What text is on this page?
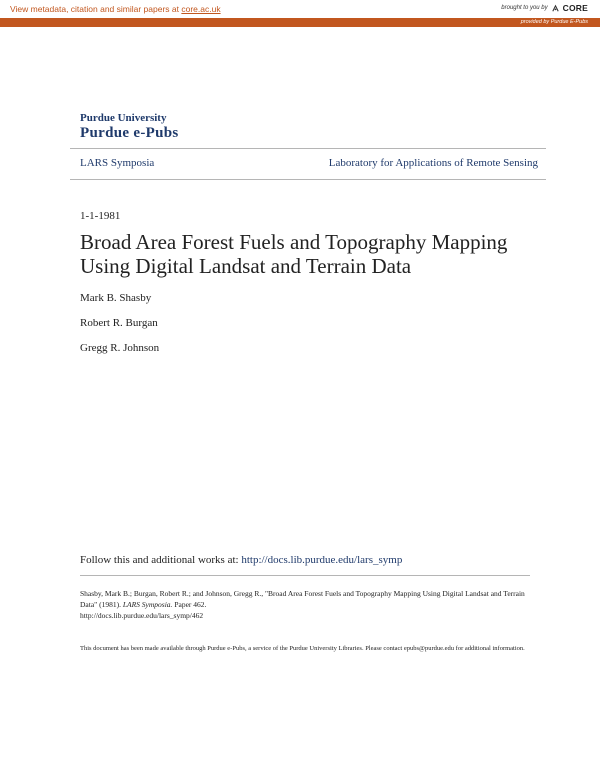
View metadata, citation and similar papers at core.ac.uk	brought to you by CORE
provided by Purdue E-Pubs
Purdue University
Purdue e-Pubs
LARS Symposia	Laboratory for Applications of Remote Sensing
1-1-1981
Broad Area Forest Fuels and Topography Mapping Using Digital Landsat and Terrain Data
Mark B. Shasby
Robert R. Burgan
Gregg R. Johnson
Follow this and additional works at: http://docs.lib.purdue.edu/lars_symp
Shasby, Mark B.; Burgan, Robert R.; and Johnson, Gregg R., "Broad Area Forest Fuels and Topography Mapping Using Digital Landsat and Terrain Data" (1981). LARS Symposia. Paper 462.
http://docs.lib.purdue.edu/lars_symp/462
This document has been made available through Purdue e-Pubs, a service of the Purdue University Libraries. Please contact epubs@purdue.edu for additional information.
